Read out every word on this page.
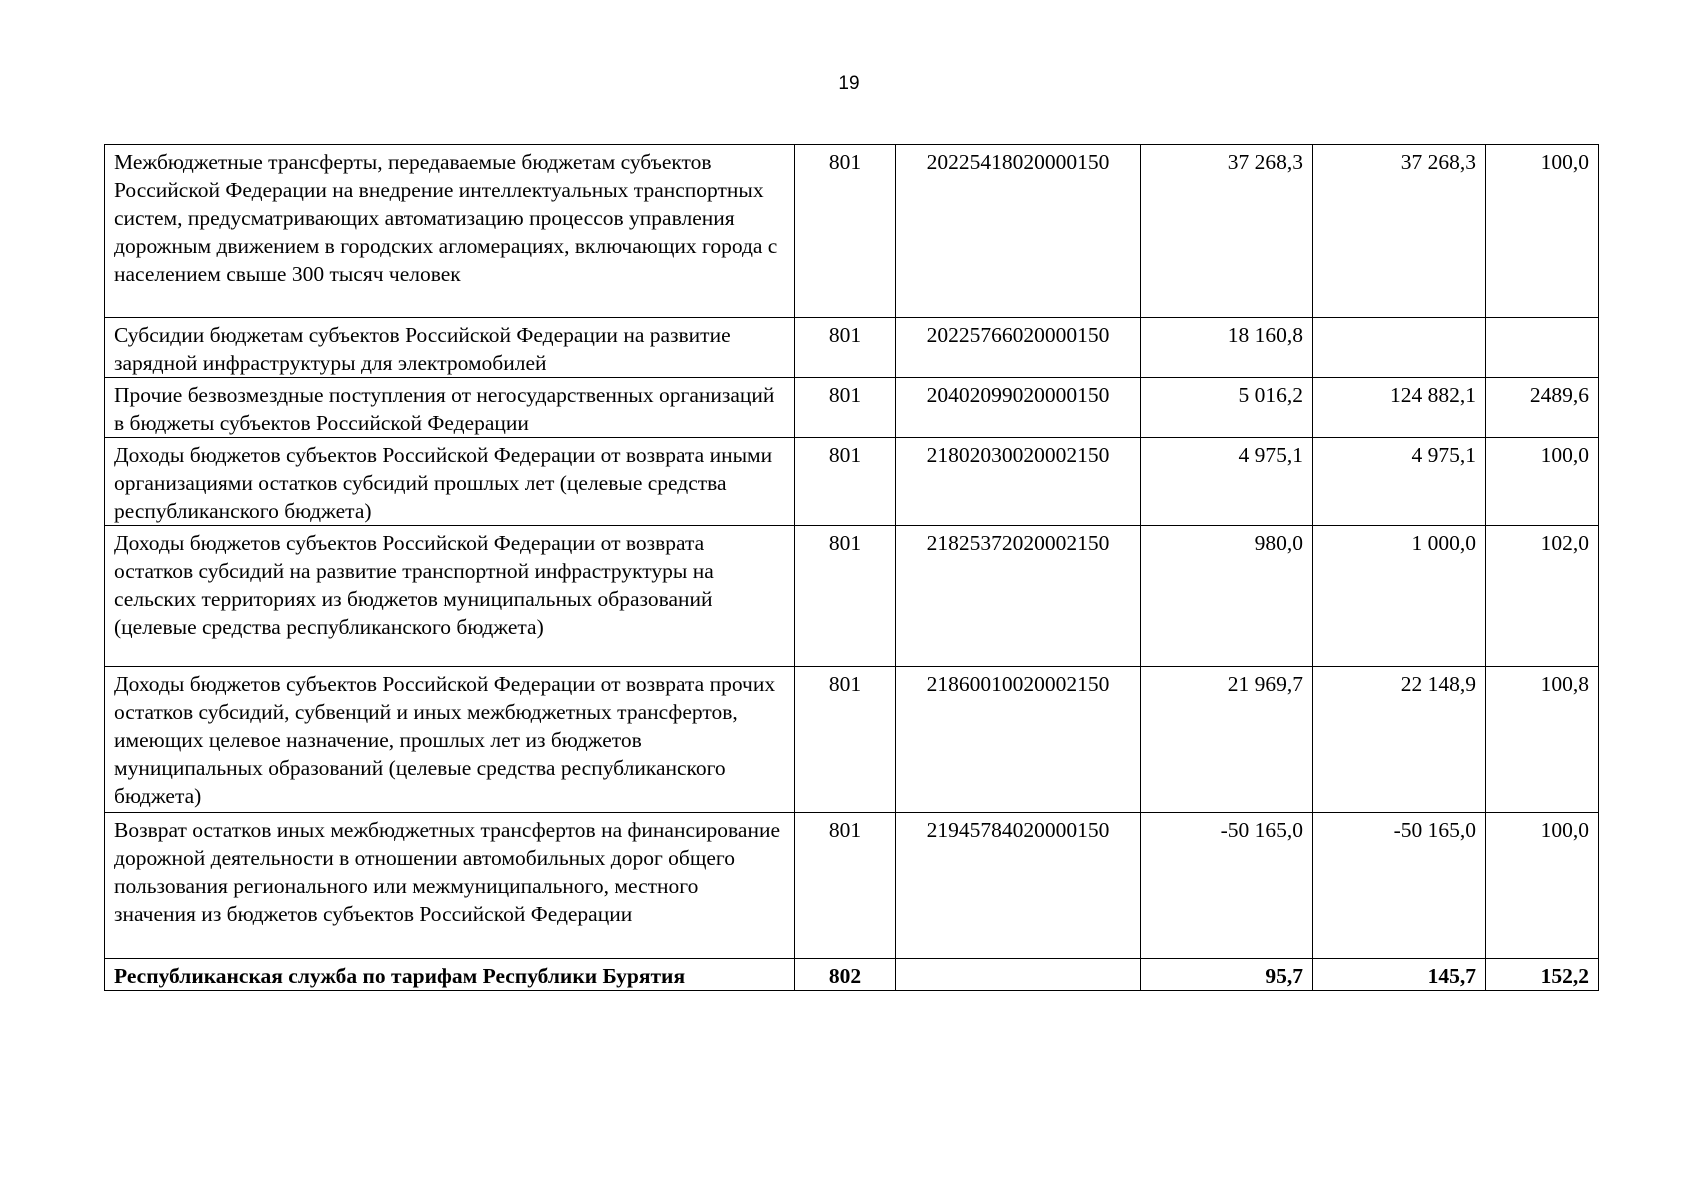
19
Межбюджетные трансферты, передаваемые бюджетам субъектов Российской Федерации на внедрение интеллектуальных транспортных систем, предусматривающих автоматизацию процессов управления дорожным движением в городских агломерациях, включающих города с населением свыше 300 тысяч человек	801	20225418020000150	37 268,3	37 268,3	100,0
Субсидии бюджетам субъектов Российской Федерации на развитие зарядной инфраструктуры для электромобилей	801	20225766020000150	18 160,8		
Прочие безвозмездные поступления от негосударственных организаций в бюджеты субъектов Российской Федерации	801	20402099020000150	5 016,2	124 882,1	2489,6
Доходы бюджетов субъектов Российской Федерации от возврата иными организациями остатков субсидий прошлых лет (целевые средства республиканского бюджета)	801	21802030020002150	4 975,1	4 975,1	100,0
Доходы бюджетов субъектов Российской Федерации от возврата остатков субсидий на развитие транспортной инфраструктуры на сельских территориях из бюджетов муниципальных образований (целевые средства республиканского бюджета)	801	21825372020002150	980,0	1 000,0	102,0
Доходы бюджетов субъектов Российской Федерации от возврата прочих остатков субсидий, субвенций и иных межбюджетных трансфертов, имеющих целевое назначение, прошлых лет из бюджетов муниципальных образований (целевые средства республиканского бюджета)	801	21860010020002150	21 969,7	22 148,9	100,8
Возврат остатков иных межбюджетных трансфертов на финансирование дорожной деятельности в отношении автомобильных дорог общего пользования регионального или межмуниципального, местного значения из бюджетов субъектов Российской Федерации	801	21945784020000150	-50 165,0	-50 165,0	100,0
Республиканская служба по тарифам Республики Бурятия	802		95,7	145,7	152,2
